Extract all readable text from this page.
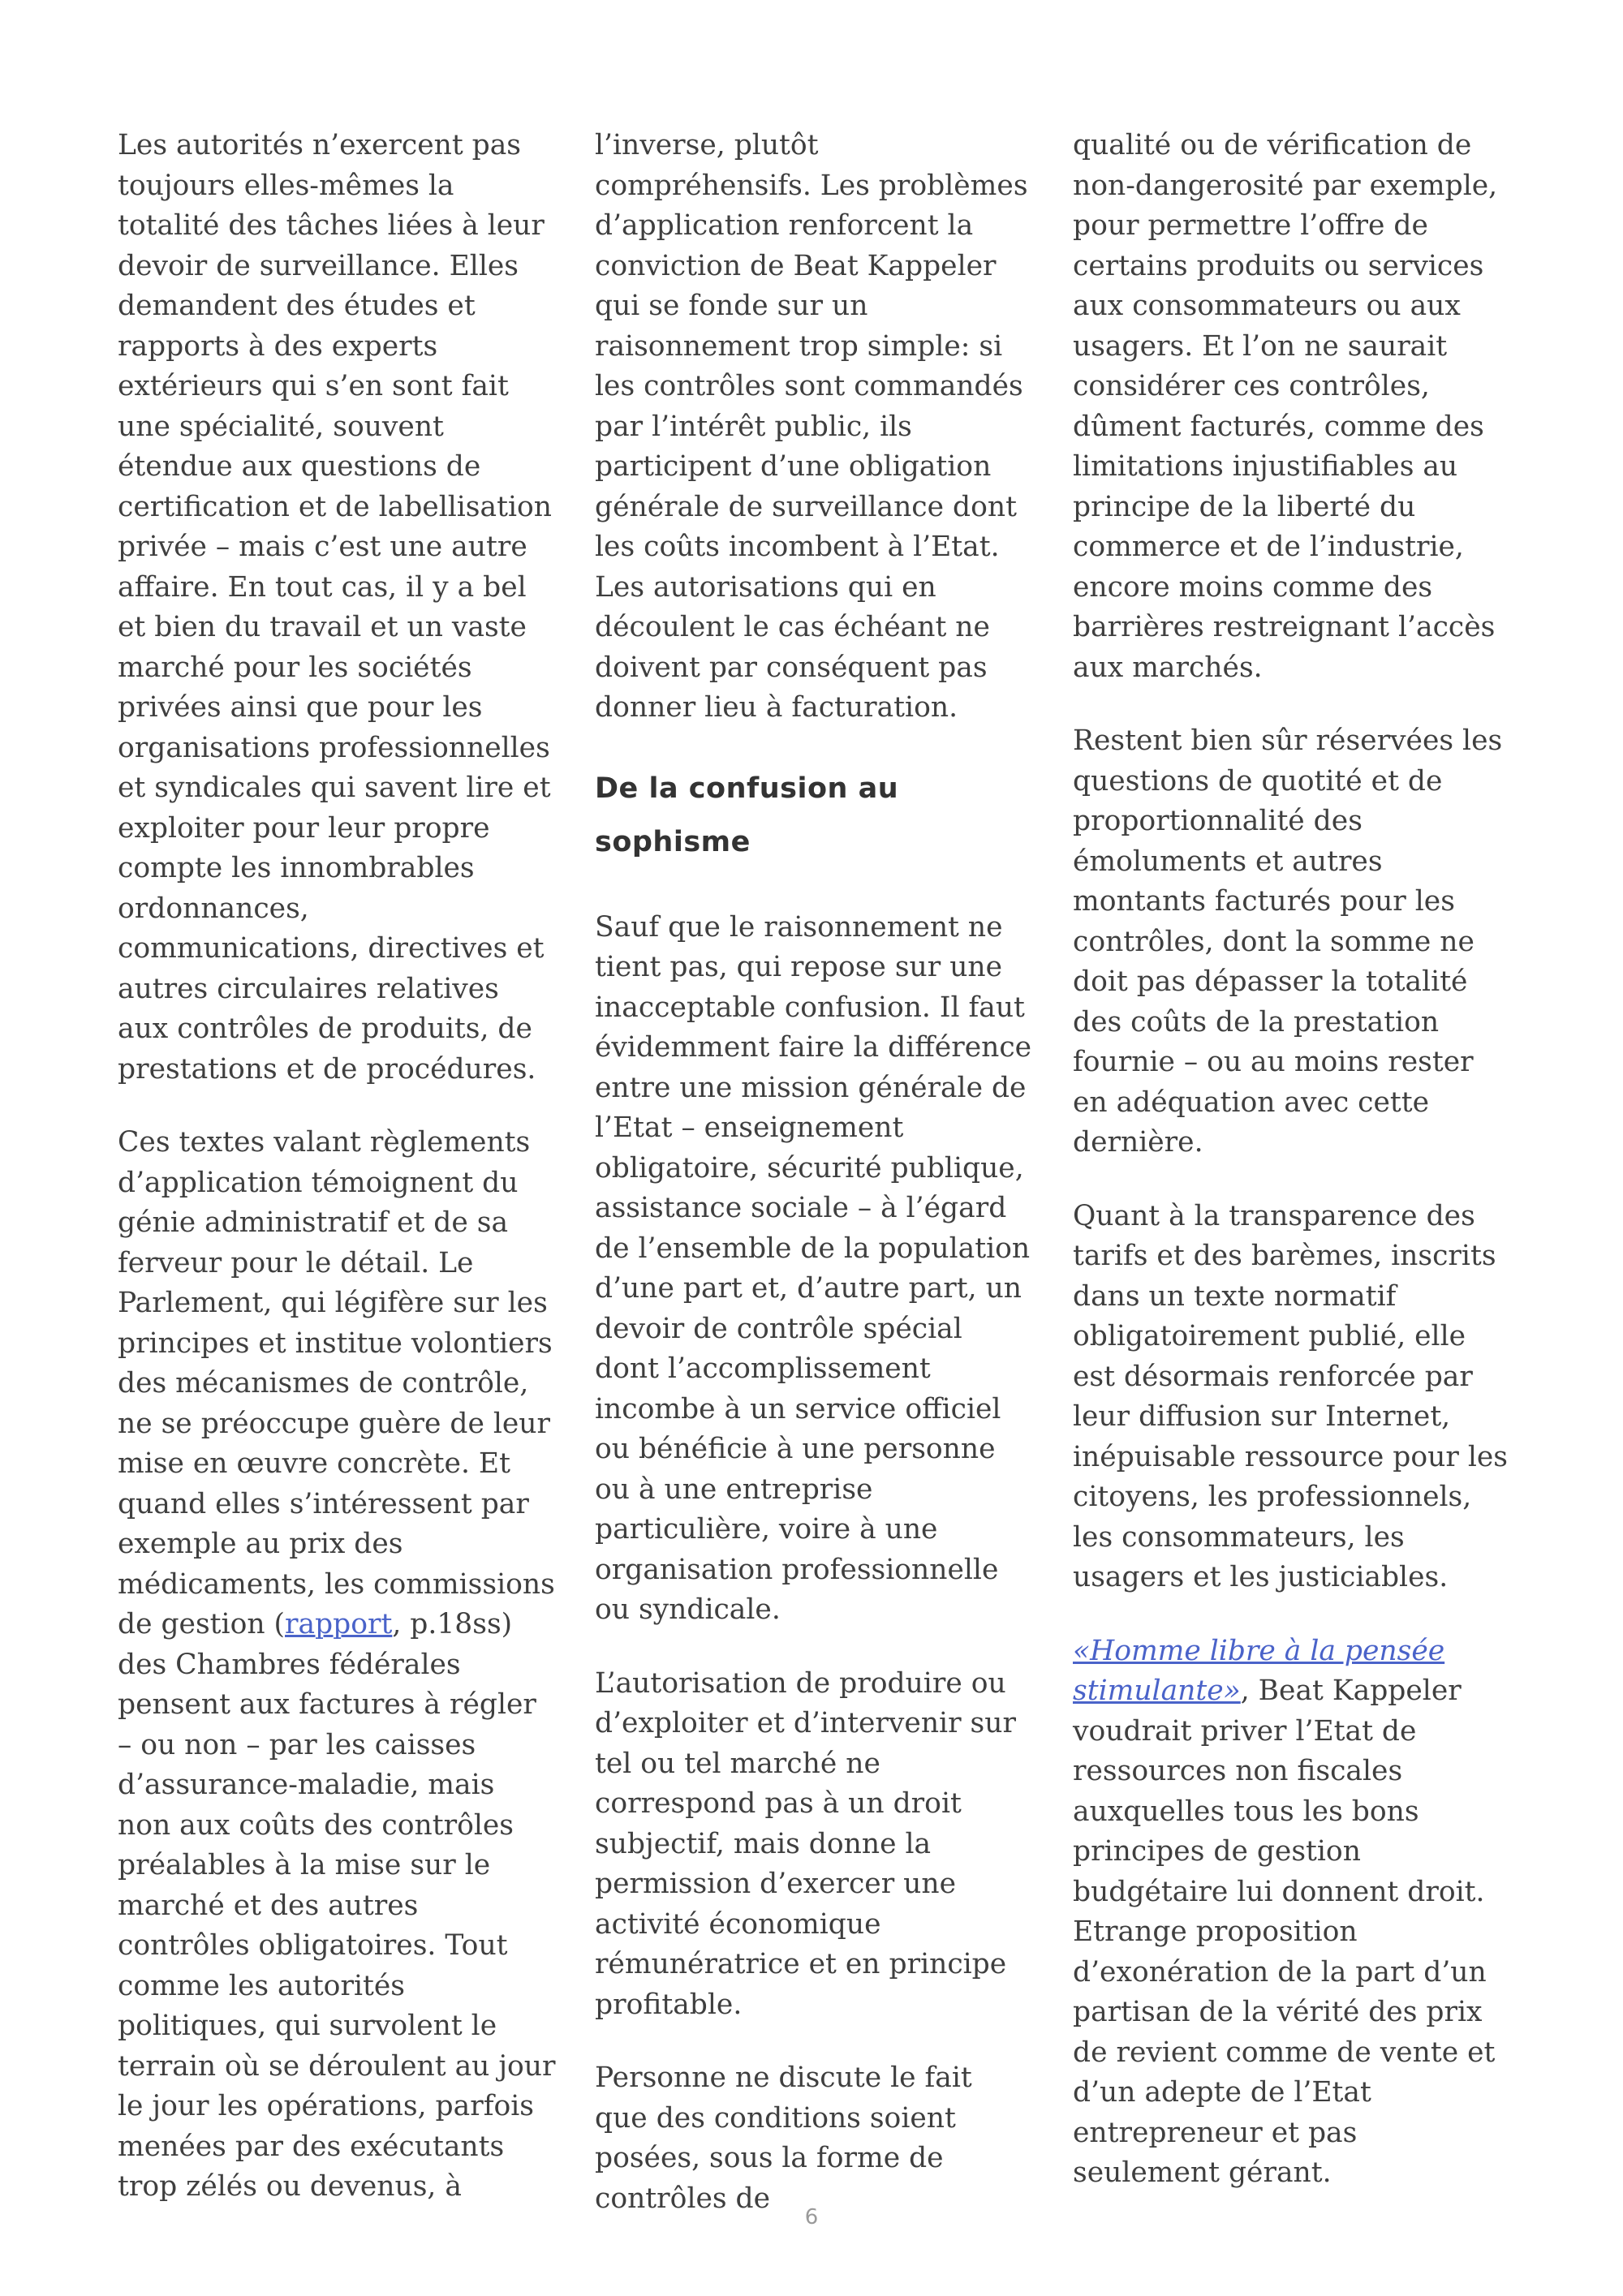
Les autorités n’exercent pas toujours elles-mêmes la totalité des tâches liées à leur devoir de surveillance. Elles demandent des études et rapports à des experts extérieurs qui s’en sont fait une spécialité, souvent étendue aux questions de certification et de labellisation privée – mais c’est une autre affaire. En tout cas, il y a bel et bien du travail et un vaste marché pour les sociétés privées ainsi que pour les organisations professionnelles et syndicales qui savent lire et exploiter pour leur propre compte les innombrables ordonnances, communications, directives et autres circulaires relatives aux contrôles de produits, de prestations et de procédures.

Ces textes valant règlements d’application témoignent du génie administratif et de sa ferveur pour le détail. Le Parlement, qui légifère sur les principes et institue volontiers des mécanismes de contrôle, ne se préoccupe guère de leur mise en œuvre concrète. Et quand elles s’intéressent par exemple au prix des médicaments, les commissions de gestion (rapport, p.18ss) des Chambres fédérales pensent aux factures à régler – ou non – par les caisses d’assurance-maladie, mais non aux coûts des contrôles préalables à la mise sur le marché et des autres contrôles obligatoires. Tout comme les autorités politiques, qui survolent le terrain où se déroulent au jour le jour les opérations, parfois menées par des exécutants trop zélés ou devenus, à

l’inverse, plutôt compréhensifs. Les problèmes d’application renforcent la conviction de Beat Kappeler qui se fonde sur un raisonnement trop simple: si les contrôles sont commandés par l’intérêt public, ils participent d’une obligation générale de surveillance dont les coûts incombent à l’Etat. Les autorisations qui en découlent le cas échéant ne doivent par conséquent pas donner lieu à facturation.

De la confusion au sophisme

Sauf que le raisonnement ne tient pas, qui repose sur une inacceptable confusion. Il faut évidemment faire la différence entre une mission générale de l’Etat – enseignement obligatoire, sécurité publique, assistance sociale – à l’égard de l’ensemble de la population d’une part et, d’autre part, un devoir de contrôle spécial dont l’accomplissement incombe à un service officiel ou bénéficie à une personne ou à une entreprise particulière, voire à une organisation professionnelle ou syndicale.

L’autorisation de produire ou d’exploiter et d’intervenir sur tel ou tel marché ne correspond pas à un droit subjectif, mais donne la permission d’exercer une activité économique rémunératrice et en principe profitable.

Personne ne discute le fait que des conditions soient posées, sous la forme de contrôles de

qualité ou de vérification de non-dangerosité par exemple, pour permettre l’offre de certains produits ou services aux consommateurs ou aux usagers. Et l’on ne saurait considérer ces contrôles, dûment facturés, comme des limitations injustifiables au principe de la liberté du commerce et de l’industrie, encore moins comme des barrières restreignant l’accès aux marchés.

Restent bien sûr réservées les questions de quotité et de proportionnalité des émoluments et autres montants facturés pour les contrôles, dont la somme ne doit pas dépasser la totalité des coûts de la prestation fournie – ou au moins rester en adéquation avec cette dernière.

Quant à la transparence des tarifs et des barèmes, inscrits dans un texte normatif obligatoirement publié, elle est désormais renforcée par leur diffusion sur Internet, inépuisable ressource pour les citoyens, les professionnels, les consommateurs, les usagers et les justiciables.

«Homme libre à la pensée stimulante», Beat Kappeler voudrait priver l’Etat de ressources non fiscales auxquelles tous les bons principes de gestion budgétaire lui donnent droit. Etrange proposition d’exonération de la part d’un partisan de la vérité des prix de revient comme de vente et d’un adepte de l’Etat entrepreneur et pas seulement gérant.

6
